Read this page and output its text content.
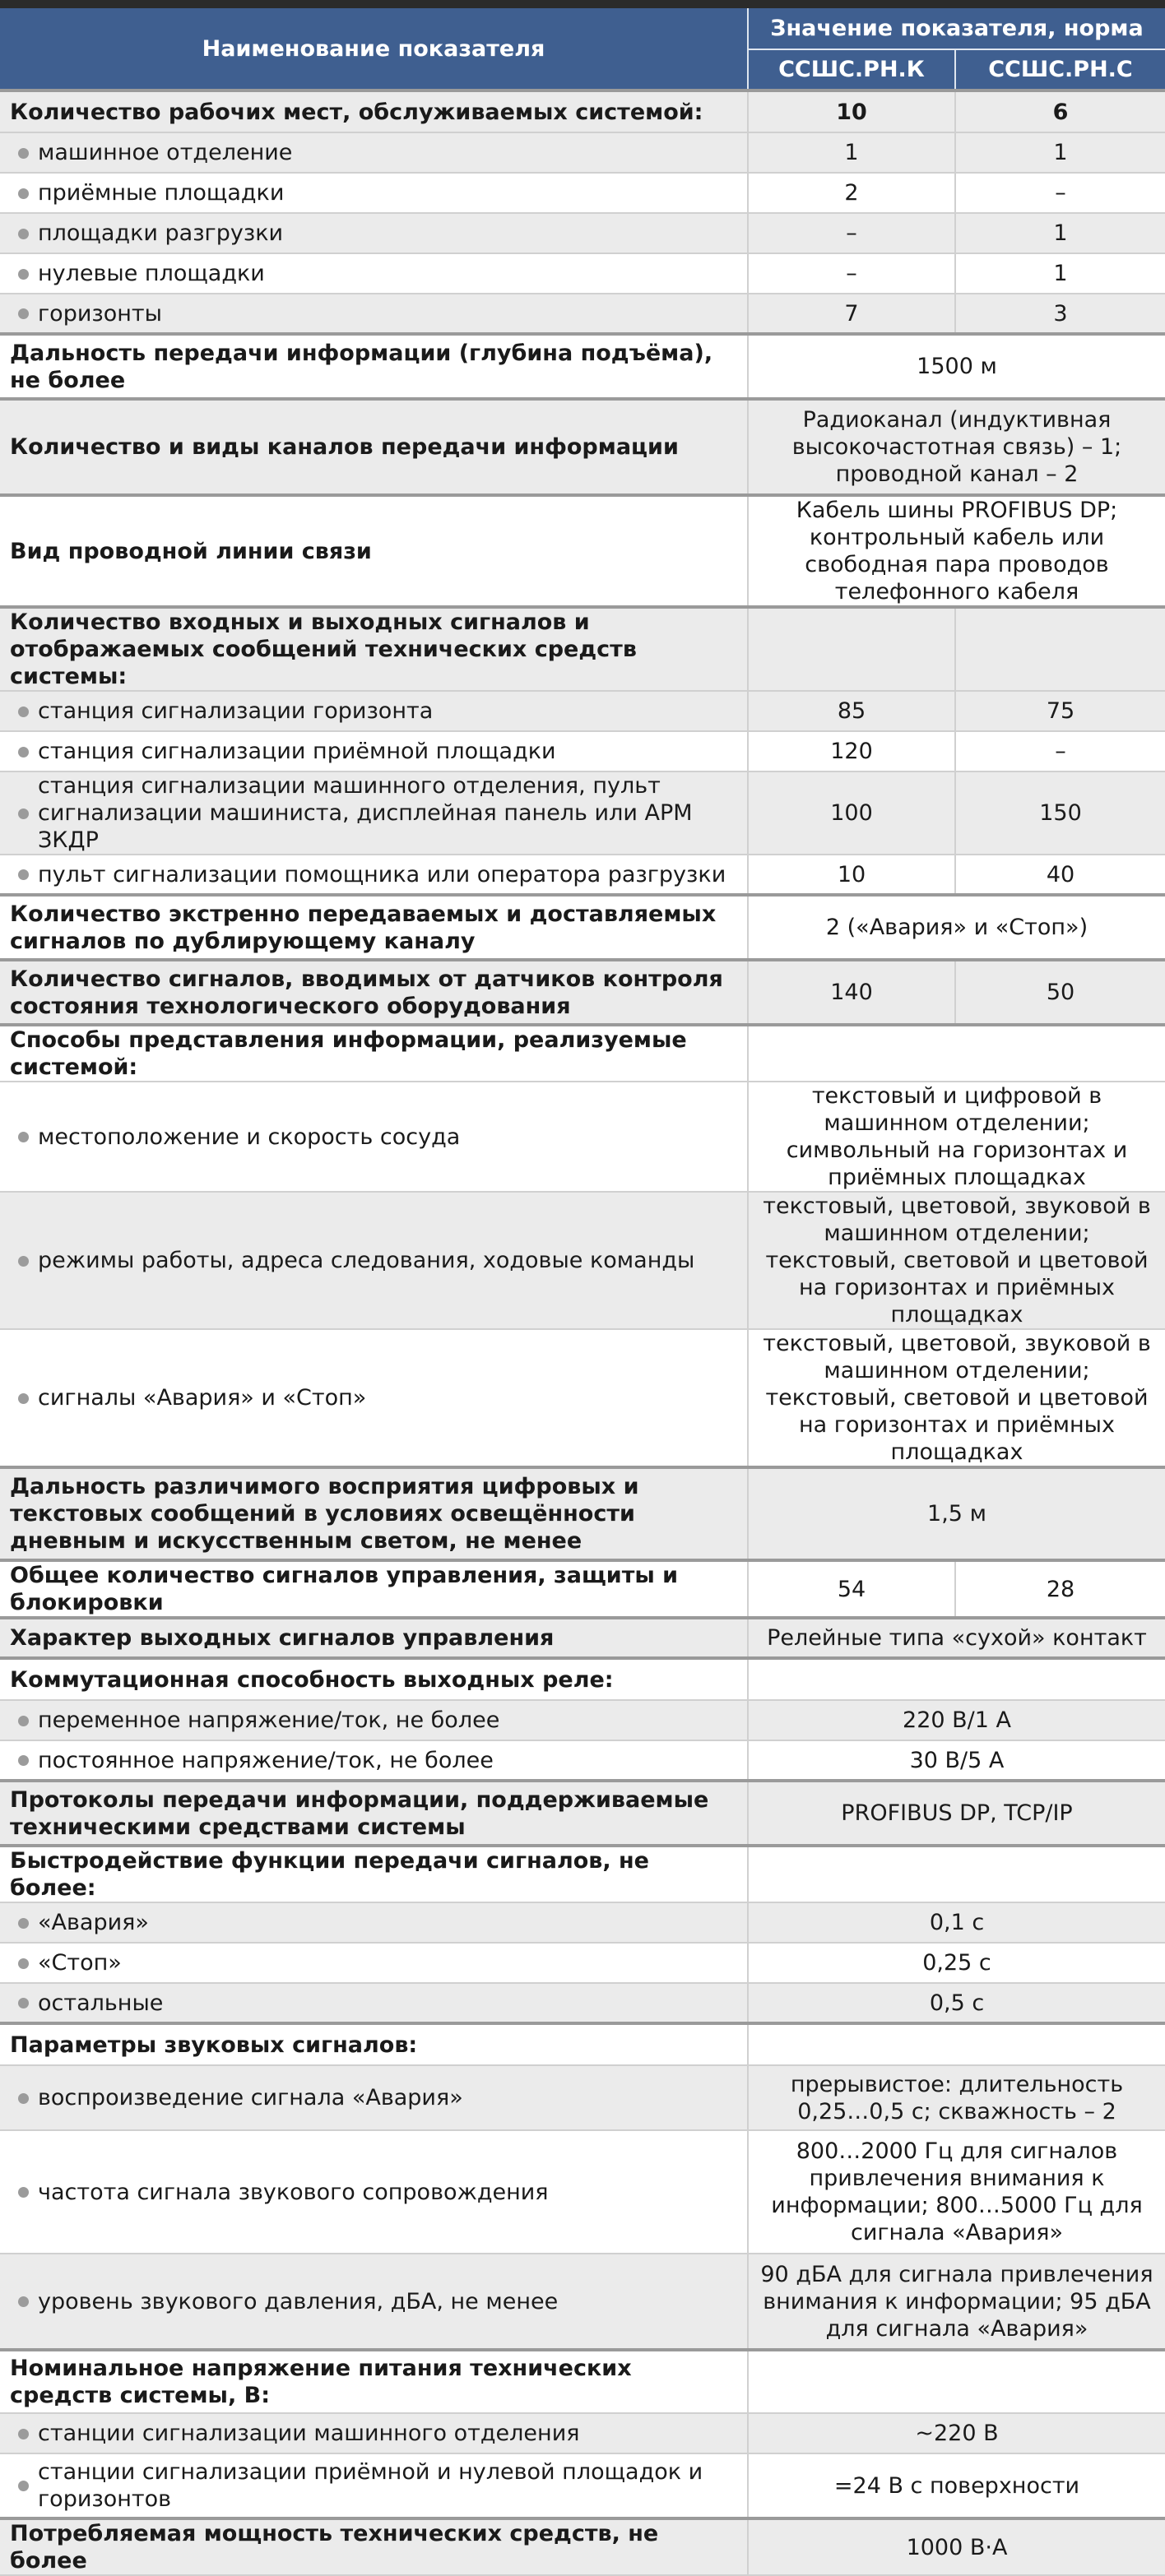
Наименование показателя	Значение показателя, норма	
	ССШС.РН.К	ССШС.РН.С
Количество рабочих мест, обслуживаемых системой:	10	6

машинное отделение	1	1

приёмные площадки	2	–

площадки разгрузки	–	1

нулевые площадки	–	1

горизонты	7	3
Дальность передачи информации (глубина подъёма), не более	1500 м	
Количество и виды каналов передачи информации	Радиоканал (индуктивная высокочастотная связь) – 1; проводной канал – 2	
Вид проводной линии связи	Кабель шины PROFIBUS DP; контрольный кабель или свободная пара проводов телефонного кабеля	
Количество входных и выходных сигналов и отображаемых сообщений технических средств системы:		

станция сигнализации горизонта	85	75

станция сигнализации приёмной площадки	120	–

станция сигнализации машинного отделения, пульт сигнализации машиниста, дисплейная панель или АРМ ЗКДР	100	150

пульт сигнализации помощника или оператора разгрузки	10	40
Количество экстренно передаваемых и доставляемых сигналов по дублирующему каналу	2 («Авария» и «Стоп»)	
Количество сигналов, вводимых от датчиков контроля состояния технологического оборудования	140	50
Способы представления информации, реализуемые системой:		

местоположение и скорость сосуда	текстовый и цифровой в машинном отделении; символьный на горизонтах и приёмных площадках	

режимы работы, адреса следования, ходовые команды	текстовый, цветовой, звуковой в машинном отделении; текстовый, световой и цветовой на горизонтах и приёмных площадках	

сигналы «Авария» и «Стоп»	текстовый, цветовой, звуковой в машинном отделении; текстовый, световой и цветовой на горизонтах и приёмных площадках	
Дальность различимого восприятия цифровых и текстовых сообщений в условиях освещённости дневным и искусственным светом, не менее	1,5 м	
Общее количество сигналов управления, защиты и блокировки	54	28
Характер выходных сигналов управления	Релейные типа «сухой» контакт	
Коммутационная способность выходных реле:		

переменное напряжение/ток, не более	220 В/1 А	

постоянное напряжение/ток, не более	30 В/5 А	
Протоколы передачи информации, поддерживаемые техническими средствами системы	PROFIBUS DP, TCP/IP	
Быстродействие функции передачи сигналов, не более:		

«Авария»	0,1 с	

«Стоп»	0,25 с	

остальные	0,5 с	
Параметры звуковых сигналов:		

воспроизведение сигнала «Авария»	прерывистое: длительность 0,25…0,5 с; скважность – 2	

частота сигнала звукового сопровождения	800…2000 Гц для сигналов привлечения внимания к информации; 800…5000 Гц для сигнала «Авария»	

уровень звукового давления, дБА, не менее	90 дБА для сигнала привлечения внимания к информации; 95 дБА для сигнала «Авария»	
Номинальное напряжение питания технических средств системы, В:		

станции сигнализации машинного отделения	~220 В	

станции сигнализации приёмной и нулевой площадок и горизонтов	=24 В с поверхности	
Потребляемая мощность технических средств, не более	1000 В·А	
